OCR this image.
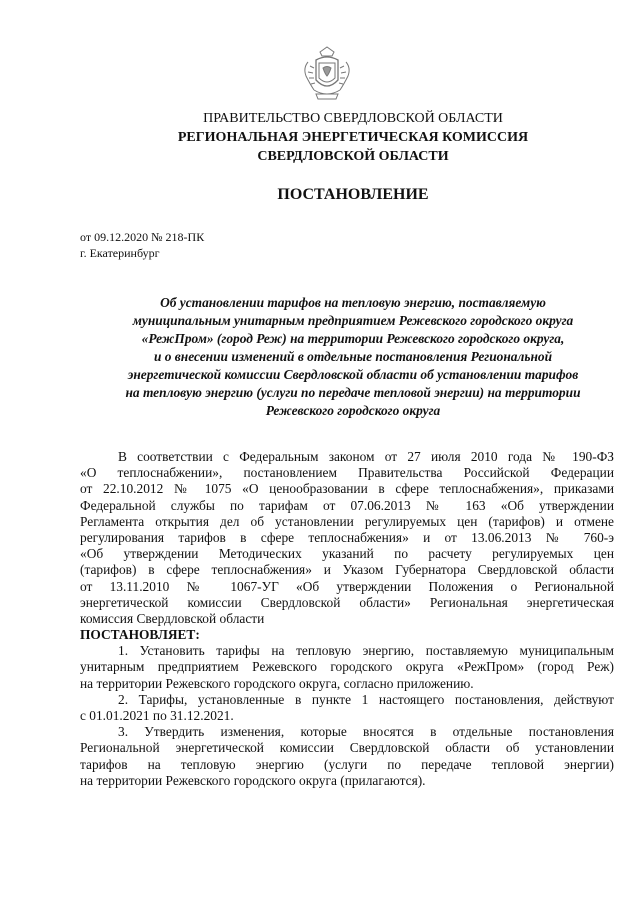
ПРАВИТЕЛЬСТВО СВЕРДЛОВСКОЙ ОБЛАСТИ
РЕГИОНАЛЬНАЯ ЭНЕРГЕТИЧЕСКАЯ КОМИССИЯ
СВЕРДЛОВСКОЙ ОБЛАСТИ
ПОСТАНОВЛЕНИЕ
от 09.12.2020 № 218-ПК
г. Екатеринбург
Об установлении тарифов на тепловую энергию, поставляемую
муниципальным унитарным предприятием Режевского городского округа
«РежПром» (город Реж) на территории Режевского городского округа,
и о внесении изменений в отдельные постановления Региональной
энергетической комиссии Свердловской области об установлении тарифов
на тепловую энергию (услуги по передаче тепловой энергии) на территории
Режевского городского округа
В соответствии с Федеральным законом от 27 июля 2010 года № 190-ФЗ
«О теплоснабжении», постановлением Правительства Российской Федерации
от 22.10.2012 № 1075 «О ценообразовании в сфере теплоснабжения», приказами
Федеральной службы по тарифам от 07.06.2013 № 163 «Об утверждении
Регламента открытия дел об установлении регулируемых цен (тарифов) и отмене
регулирования тарифов в сфере теплоснабжения» и от 13.06.2013 № 760-э
«Об утверждении Методических указаний по расчету регулируемых цен
(тарифов) в сфере теплоснабжения» и Указом Губернатора Свердловской области
от 13.11.2010 № 1067-УГ «Об утверждении Положения о Региональной
энергетической комиссии Свердловской области» Региональная энергетическая
комиссия Свердловской области
ПОСТАНОВЛЯЕТ:
1. Установить тарифы на тепловую энергию, поставляемую муниципальным
унитарным предприятием Режевского городского округа «РежПром» (город Реж)
на территории Режевского городского округа, согласно приложению.
2. Тарифы, установленные в пункте 1 настоящего постановления, действуют
с 01.01.2021 по 31.12.2021.
3. Утвердить изменения, которые вносятся в отдельные постановления
Региональной энергетической комиссии Свердловской области об установлении
тарифов на тепловую энергию (услуги по передаче тепловой энергии)
на территории Режевского городского округа (прилагаются).
